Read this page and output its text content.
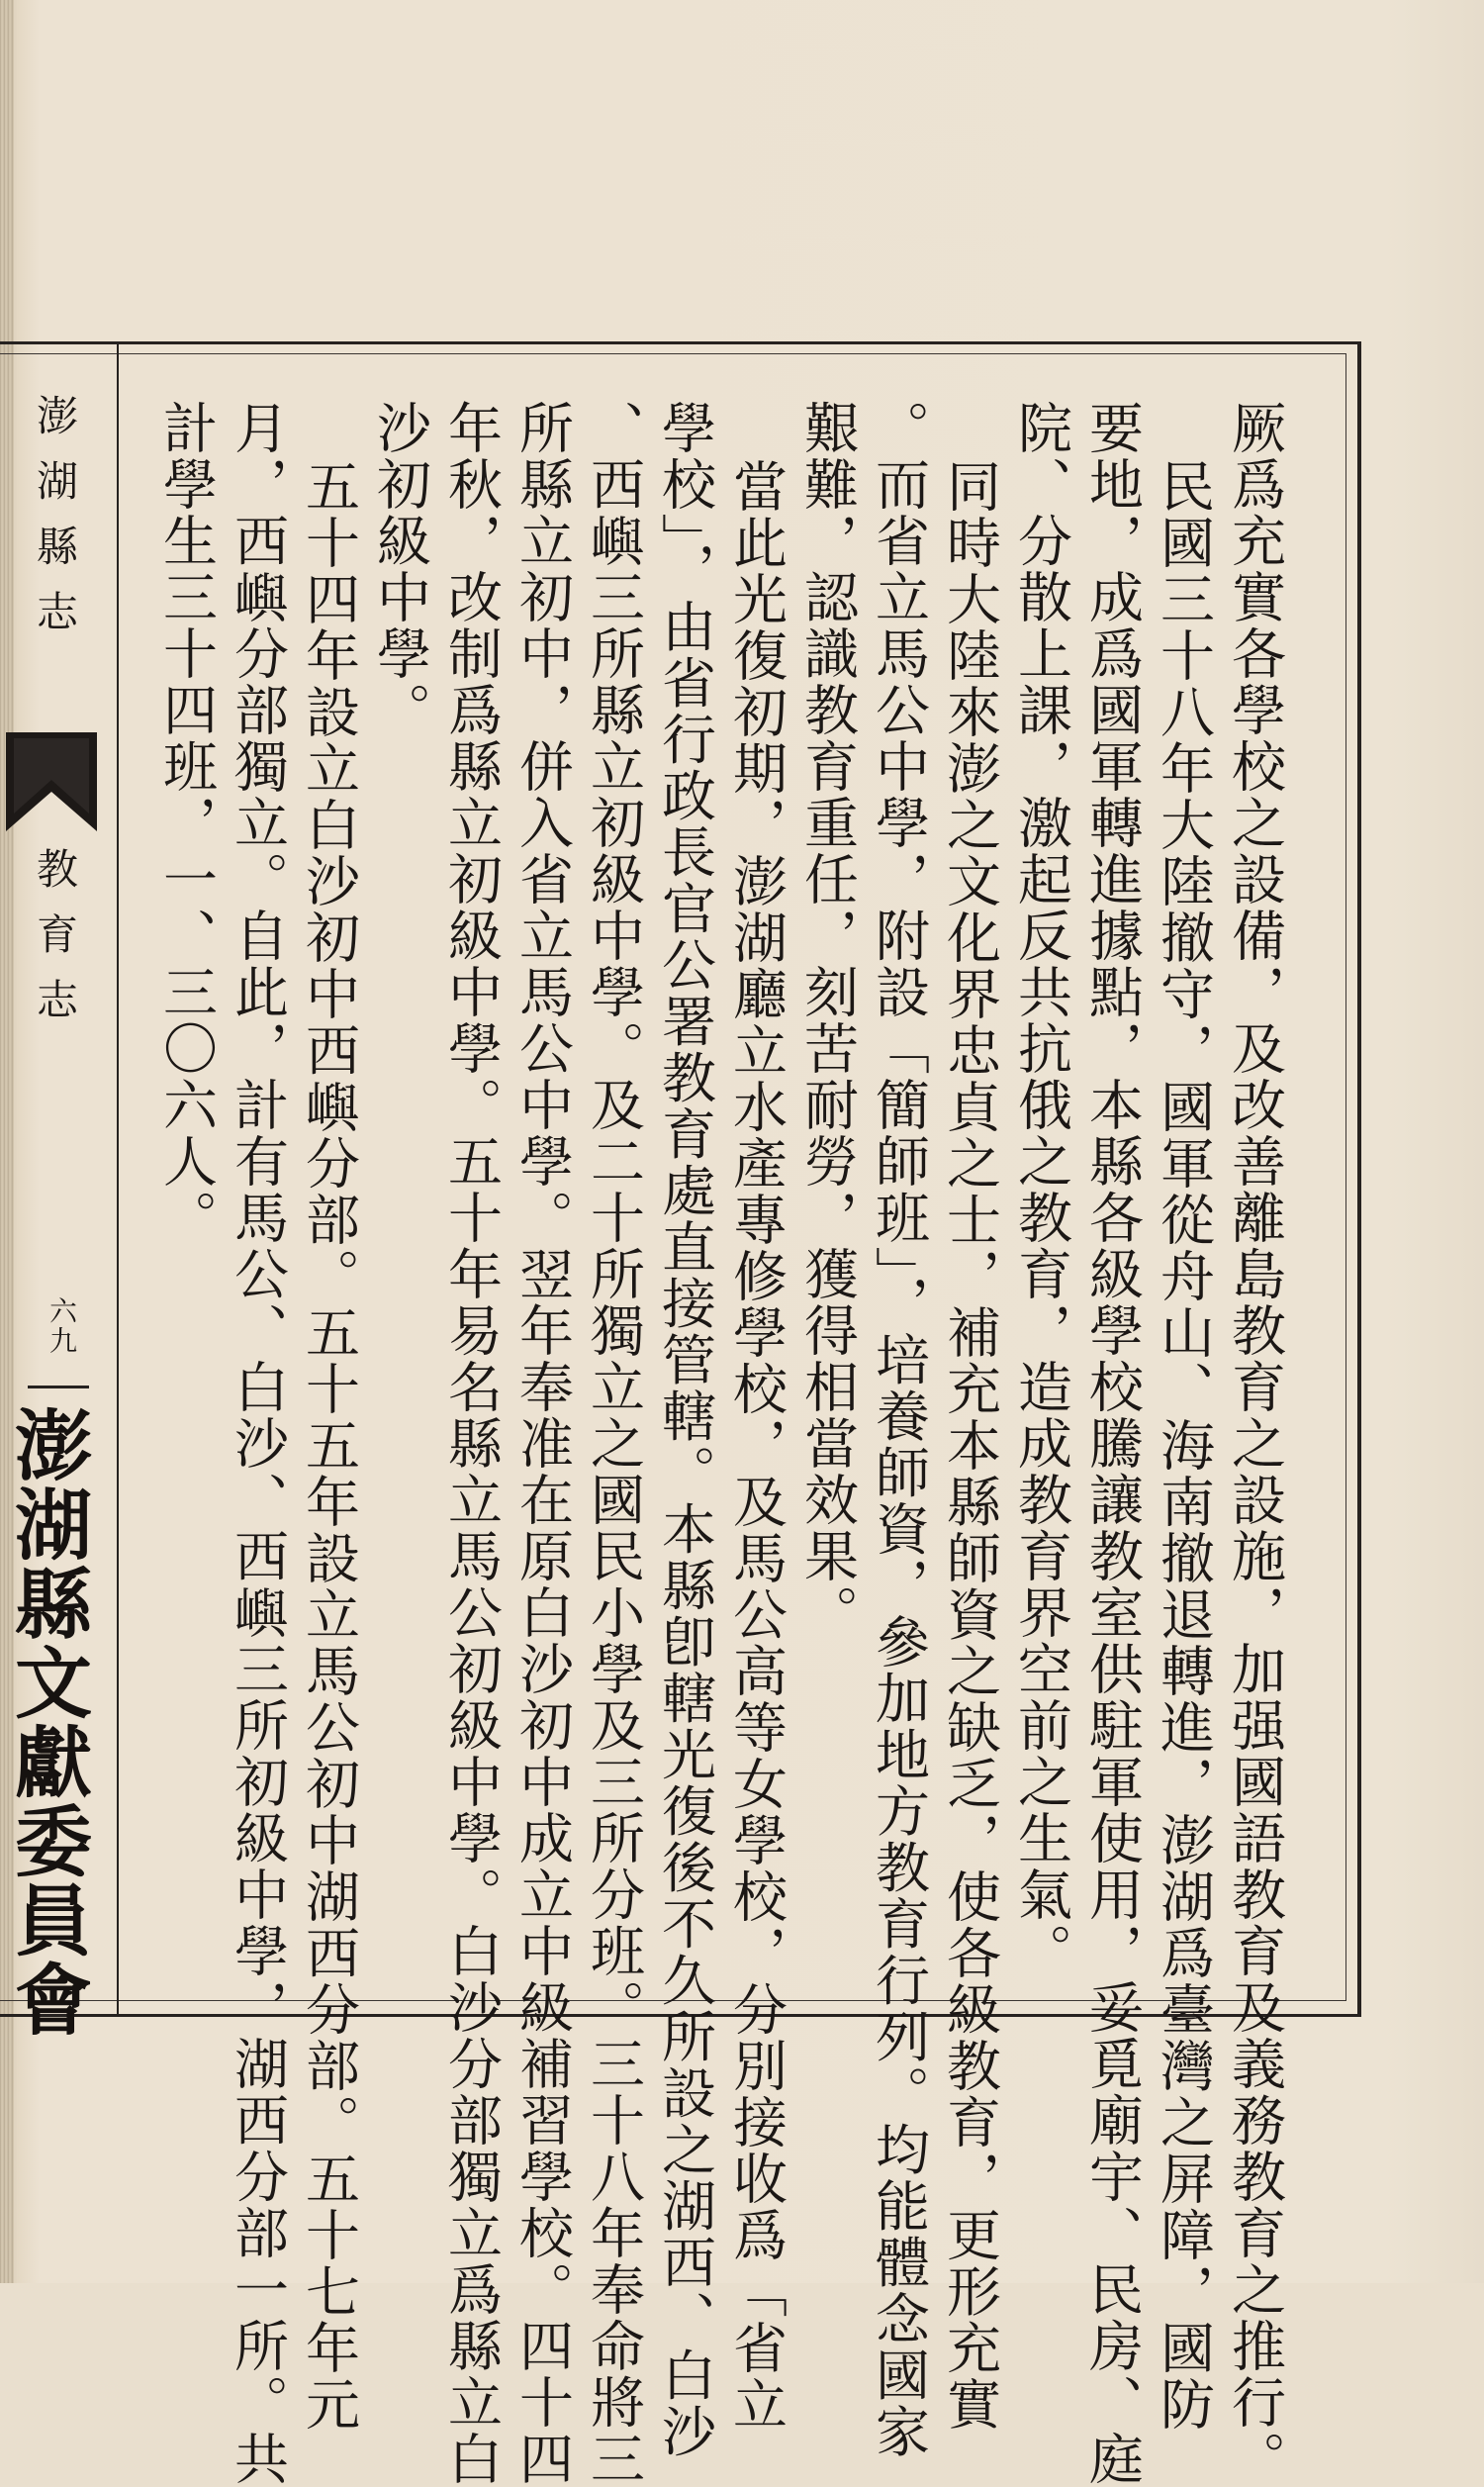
澎湖縣志
教育志
六九
澎湖縣文獻委員會	厥爲充實各學校之設備，及改善離島教育之設施，加强國語教育及義務教育之推行。
民國三十八年大陸撤守，國軍從舟山、海南撤退轉進，澎湖爲臺灣之屏障，國防
要地，成爲國軍轉進據點，本縣各級學校騰讓教室供駐軍使用，妥覓廟宇、民房、庭
院、分散上課，激起反共抗俄之教育，造成教育界空前之生氣。
同時大陸來澎之文化界忠貞之士，補充本縣師資之缺乏，使各級教育，更形充實
。而省立馬公中學，附設「簡師班」，培養師資，參加地方教育行列。均能體念國家
艱難，認識教育重任，刻苦耐勞，獲得相當效果。
當此光復初期，澎湖廳立水產專修學校，及馬公高等女學校，分別接收爲「省立
學校」，由省行政長官公署教育處直接管轄。本縣卽轄光復後不久所設之湖西、白沙
、西嶼三所縣立初級中學。及二十所獨立之國民小學及三所分班。三十八年奉命將三
所縣立初中，併入省立馬公中學。翌年奉准在原白沙初中成立中級補習學校。四十四
年秋，改制爲縣立初級中學。五十年易名縣立馬公初級中學。白沙分部獨立爲縣立白
沙初級中學。
五十四年設立白沙初中西嶼分部。五十五年設立馬公初中湖西分部。五十七年元
月，西嶼分部獨立。自此，計有馬公、白沙、西嶼三所初級中學，湖西分部一所。共
計學生三十四班，一、三〇六人。
